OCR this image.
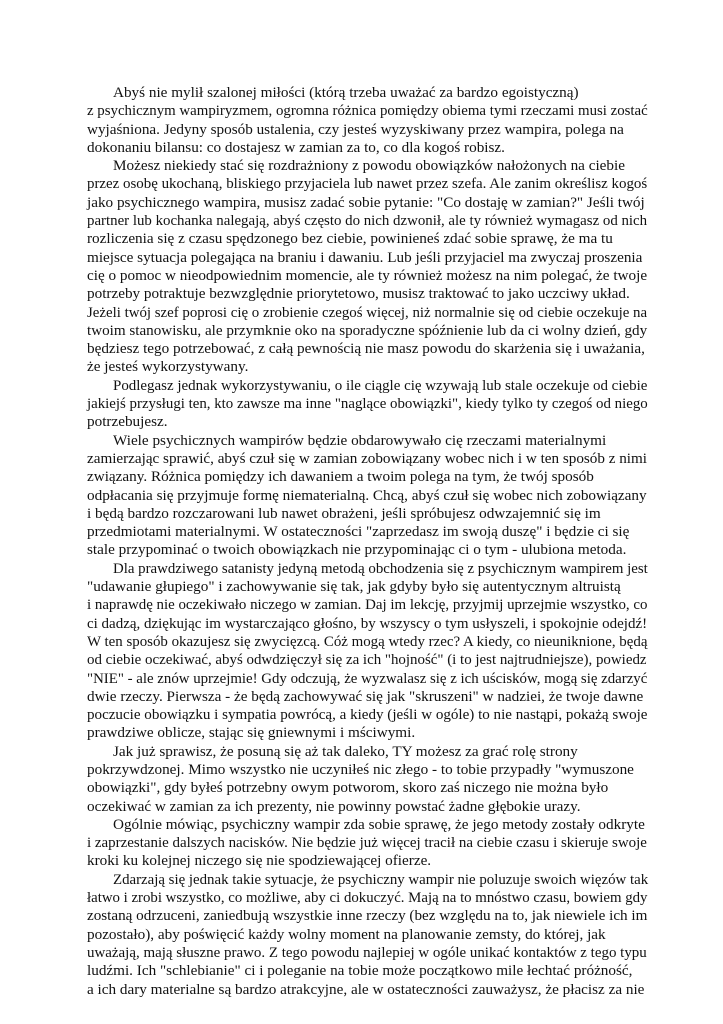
Abyś nie mylił szalonej miłości (którą trzeba uważać za bardzo egoistyczną)
z psychicznym wampiryzmem, ogromna różnica pomiędzy obiema tymi rzeczami musi zostać
wyjaśniona. Jedyny sposób ustalenia, czy jesteś wyzyskiwany przez wampira, polega na
dokonaniu bilansu: co dostajesz w zamian za to, co dla kogoś robisz.
Możesz niekiedy stać się rozdrażniony z powodu obowiązków nałożonych na ciebie
przez osobę ukochaną, bliskiego przyjaciela lub nawet przez szefa. Ale zanim określisz kogoś
jako psychicznego wampira, musisz zadać sobie pytanie: "Co dostaję w zamian?" Jeśli twój
partner lub kochanka nalegają, abyś często do nich dzwonił, ale ty również wymagasz od nich
rozliczenia się z czasu spędzonego bez ciebie, powinieneś zdać sobie sprawę, że ma tu
miejsce sytuacja polegająca na braniu i dawaniu. Lub jeśli przyjaciel ma zwyczaj proszenia
cię o pomoc w nieodpowiednim momencie, ale ty również możesz na nim polegać, że twoje
potrzeby potraktuje bezwzględnie priorytetowo, musisz traktować to jako uczciwy układ.
Jeżeli twój szef poprosi cię o zrobienie czegoś więcej, niż normalnie się od ciebie oczekuje na
twoim stanowisku, ale przymknie oko na sporadyczne spóźnienie lub da ci wolny dzień, gdy
będziesz tego potrzebować, z całą pewnością nie masz powodu do skarżenia się i uważania,
że jesteś wykorzystywany.
Podlegasz jednak wykorzystywaniu, o ile ciągle cię wzywają lub stale oczekuje od ciebie
jakiejś przysługi ten, kto zawsze ma inne "naglące obowiązki", kiedy tylko ty czegoś od niego
potrzebujesz.
Wiele psychicznych wampirów będzie obdarowywało cię rzeczami materialnymi
zamierzając sprawić, abyś czuł się w zamian zobowiązany wobec nich i w ten sposób z nimi
związany. Różnica pomiędzy ich dawaniem a twoim polega na tym, że twój sposób
odpłacania się przyjmuje formę niematerialną. Chcą, abyś czuł się wobec nich zobowiązany
i będą bardzo rozczarowani lub nawet obrażeni, jeśli spróbujesz odwzajemnić się im
przedmiotami materialnymi. W ostateczności "zaprzedasz im swoją duszę" i będzie ci się
stale przypominać o twoich obowiązkach nie przypominając ci o tym - ulubiona metoda.
Dla prawdziwego satanisty jedyną metodą obchodzenia się z psychicznym wampirem jest
"udawanie głupiego" i zachowywanie się tak, jak gdyby było się autentycznym altruistą
i naprawdę nie oczekiwało niczego w zamian. Daj im lekcję, przyjmij uprzejmie wszystko, co
ci dadzą, dziękując im wystarczająco głośno, by wszyscy o tym usłyszeli, i spokojnie odejdź!
W ten sposób okazujesz się zwycięzcą. Cóż mogą wtedy rzec? A kiedy, co nieuniknione, będą
od ciebie oczekiwać, abyś odwdzięczył się za ich "hojność" (i to jest najtrudniejsze), powiedz
"NIE" - ale znów uprzejmie! Gdy odczują, że wyzwalasz się z ich uścisków, mogą się zdarzyć
dwie rzeczy. Pierwsza - że będą zachowywać się jak "skruszeni" w nadziei, że twoje dawne
poczucie obowiązku i sympatia powrócą, a kiedy (jeśli w ogóle) to nie nastąpi, pokażą swoje
prawdziwe oblicze, stając się gniewnymi i mściwymi.
Jak już sprawisz, że posuną się aż tak daleko, TY możesz za grać rolę strony
pokrzywdzonej. Mimo wszystko nie uczyniłeś nic złego - to tobie przypadły "wymuszone
obowiązki", gdy byłeś potrzebny owym potworom, skoro zaś niczego nie można było
oczekiwać w zamian za ich prezenty, nie powinny powstać żadne głębokie urazy.
Ogólnie mówiąc, psychiczny wampir zda sobie sprawę, że jego metody zostały odkryte
i zaprzestanie dalszych nacisków. Nie będzie już więcej tracił na ciebie czasu i skieruje swoje
kroki ku kolejnej niczego się nie spodziewającej ofierze.
Zdarzają się jednak takie sytuacje, że psychiczny wampir nie poluzuje swoich więzów tak
łatwo i zrobi wszystko, co możliwe, aby ci dokuczyć. Mają na to mnóstwo czasu, bowiem gdy
zostaną odrzuceni, zaniedbują wszystkie inne rzeczy (bez względu na to, jak niewiele ich im
pozostało), aby poświęcić każdy wolny moment na planowanie zemsty, do której, jak
uważają, mają słuszne prawo. Z tego powodu najlepiej w ogóle unikać kontaktów z tego typu
ludźmi. Ich "schlebianie" ci i poleganie na tobie może początkowo mile łechtać próżność,
a ich dary materialne są bardzo atrakcyjne, ale w ostateczności zauważysz, że płacisz za nie
